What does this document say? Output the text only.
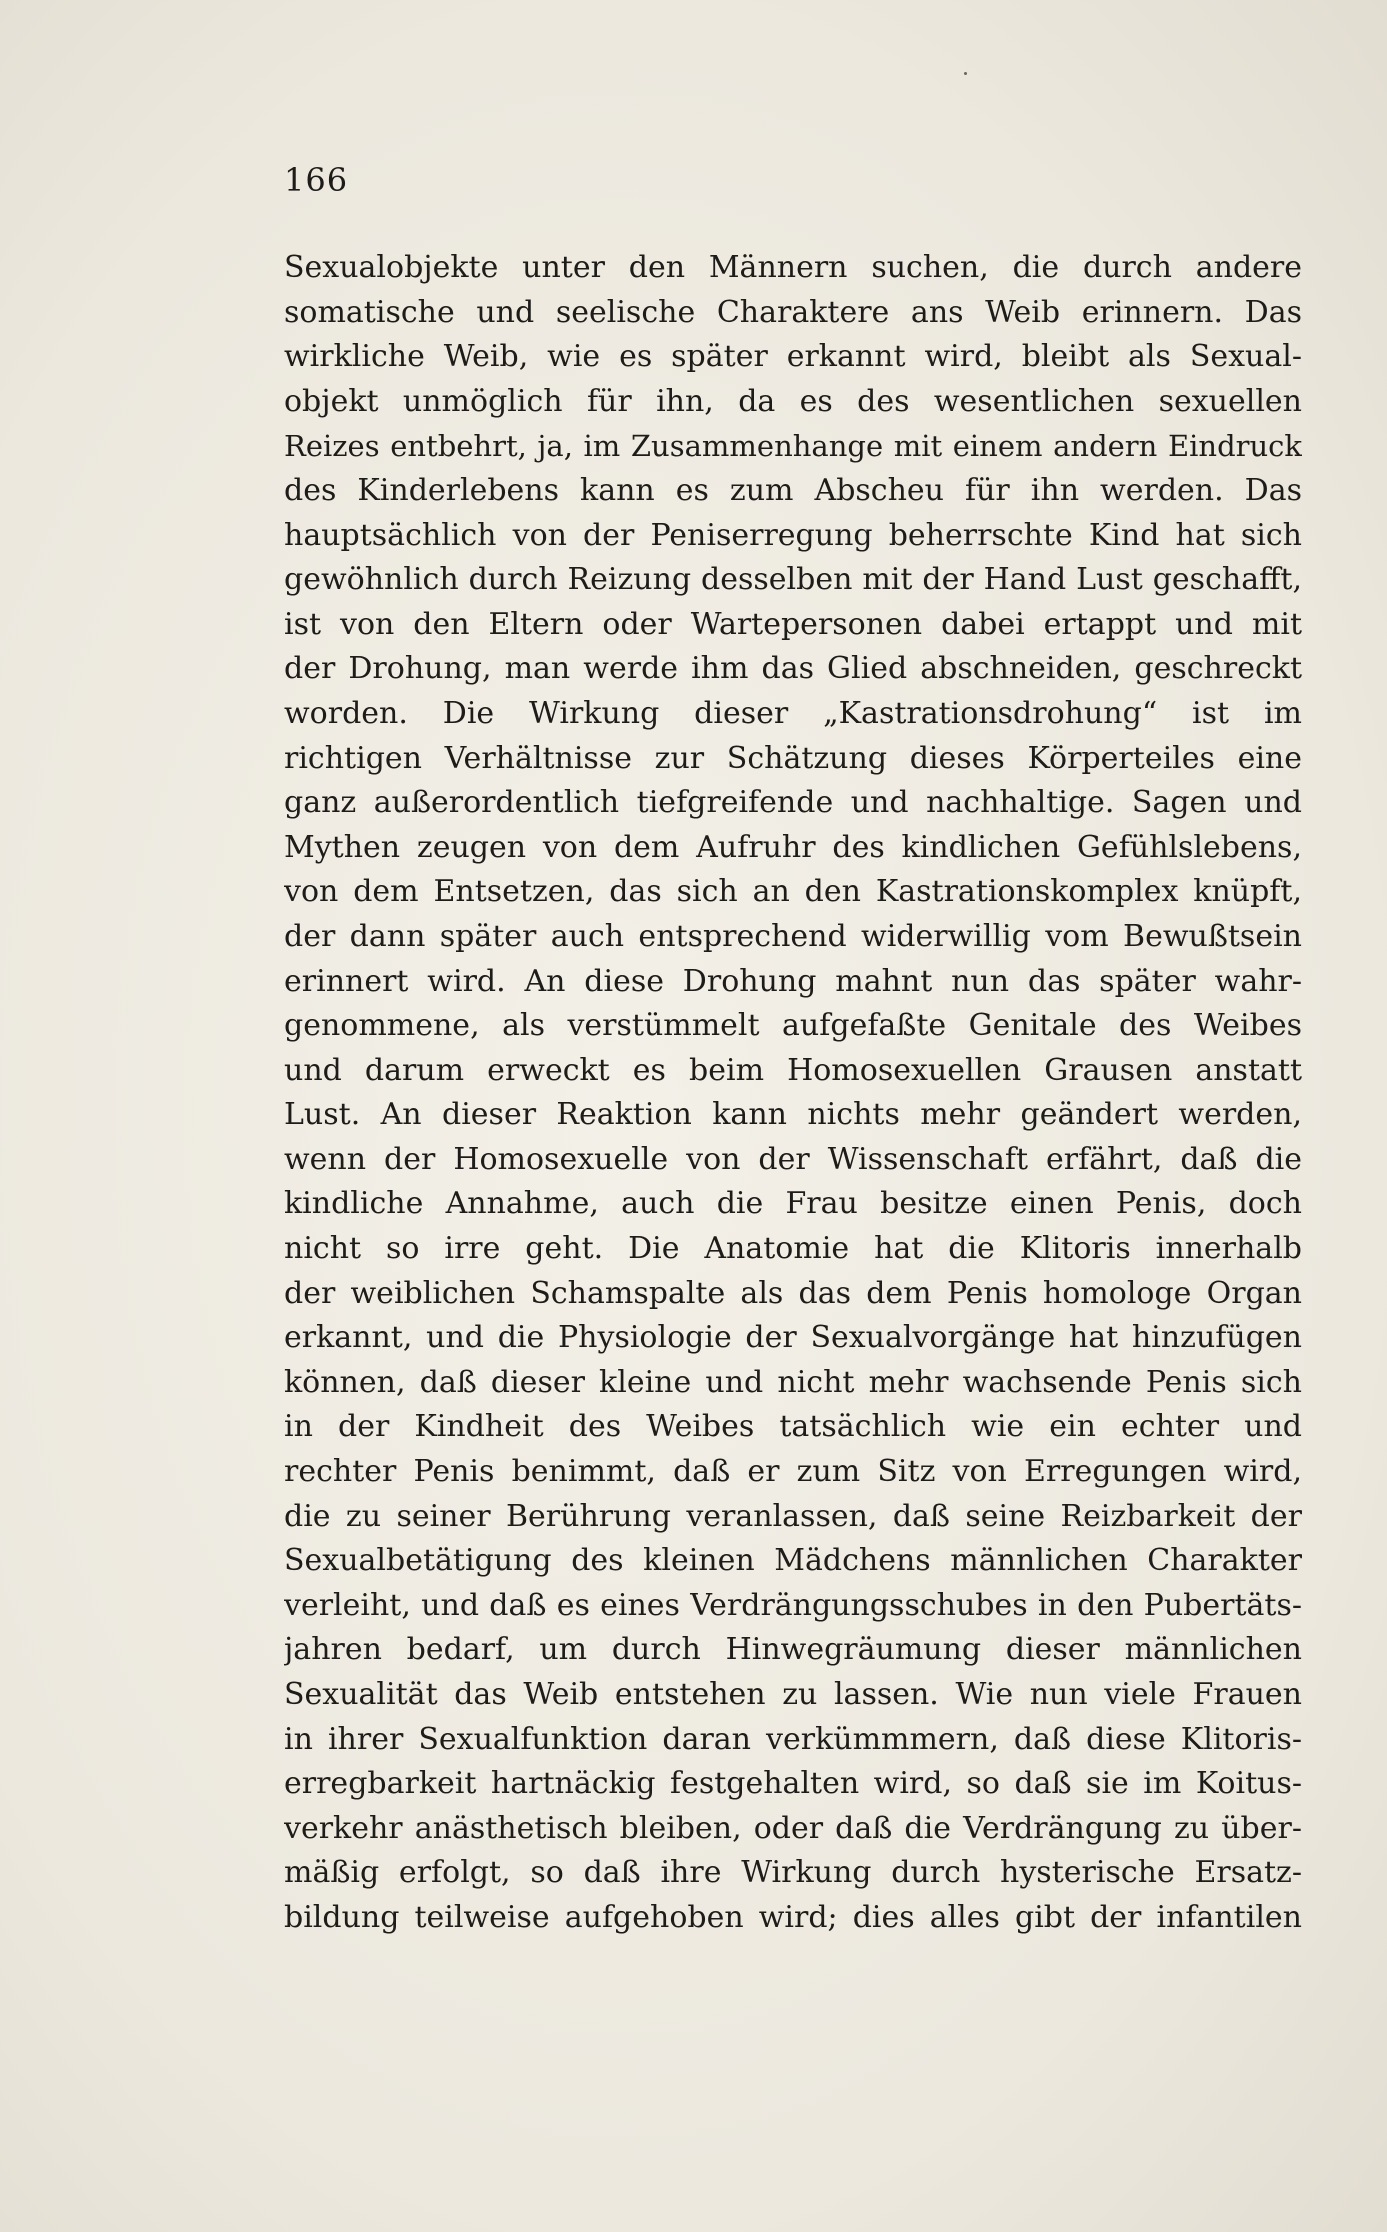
166
Sexualobjekte unter den Männern suchen, die durch andere
somatische und seelische Charaktere ans Weib erinnern. Das
wirkliche Weib, wie es später erkannt wird, bleibt als Sexual-
objekt unmöglich für ihn, da es des wesentlichen sexuellen
Reizes entbehrt, ja, im Zusammenhange mit einem andern Eindruck
des Kinderlebens kann es zum Abscheu für ihn werden. Das
hauptsächlich von der Peniserregung beherrschte Kind hat sich
gewöhnlich durch Reizung desselben mit der Hand Lust geschafft,
ist von den Eltern oder Wartepersonen dabei ertappt und mit
der Drohung, man werde ihm das Glied abschneiden, geschreckt
worden. Die Wirkung dieser „Kastrationsdrohung“ ist im
richtigen Verhältnisse zur Schätzung dieses Körperteiles eine
ganz außerordentlich tiefgreifende und nachhaltige. Sagen und
Mythen zeugen von dem Aufruhr des kindlichen Gefühlslebens,
von dem Entsetzen, das sich an den Kastrationskomplex knüpft,
der dann später auch entsprechend widerwillig vom Bewußtsein
erinnert wird. An diese Drohung mahnt nun das später wahr-
genommene, als verstümmelt aufgefaßte Genitale des Weibes
und darum erweckt es beim Homosexuellen Grausen anstatt
Lust. An dieser Reaktion kann nichts mehr geändert werden,
wenn der Homosexuelle von der Wissenschaft erfährt, daß die
kindliche Annahme, auch die Frau besitze einen Penis, doch
nicht so irre geht. Die Anatomie hat die Klitoris innerhalb
der weiblichen Schamspalte als das dem Penis homologe Organ
erkannt, und die Physiologie der Sexualvorgänge hat hinzufügen
können, daß dieser kleine und nicht mehr wachsende Penis sich
in der Kindheit des Weibes tatsächlich wie ein echter und
rechter Penis benimmt, daß er zum Sitz von Erregungen wird,
die zu seiner Berührung veranlassen, daß seine Reizbarkeit der
Sexualbetätigung des kleinen Mädchens männlichen Charakter
verleiht, und daß es eines Verdrängungsschubes in den Pubertäts-
jahren bedarf, um durch Hinwegräumung dieser männlichen
Sexualität das Weib entstehen zu lassen. Wie nun viele Frauen
in ihrer Sexualfunktion daran verkümmmern, daß diese Klitoris-
erregbarkeit hartnäckig festgehalten wird, so daß sie im Koitus-
verkehr anästhetisch bleiben, oder daß die Verdrängung zu über-
mäßig erfolgt, so daß ihre Wirkung durch hysterische Ersatz-
bildung teilweise aufgehoben wird; dies alles gibt der infantilen
